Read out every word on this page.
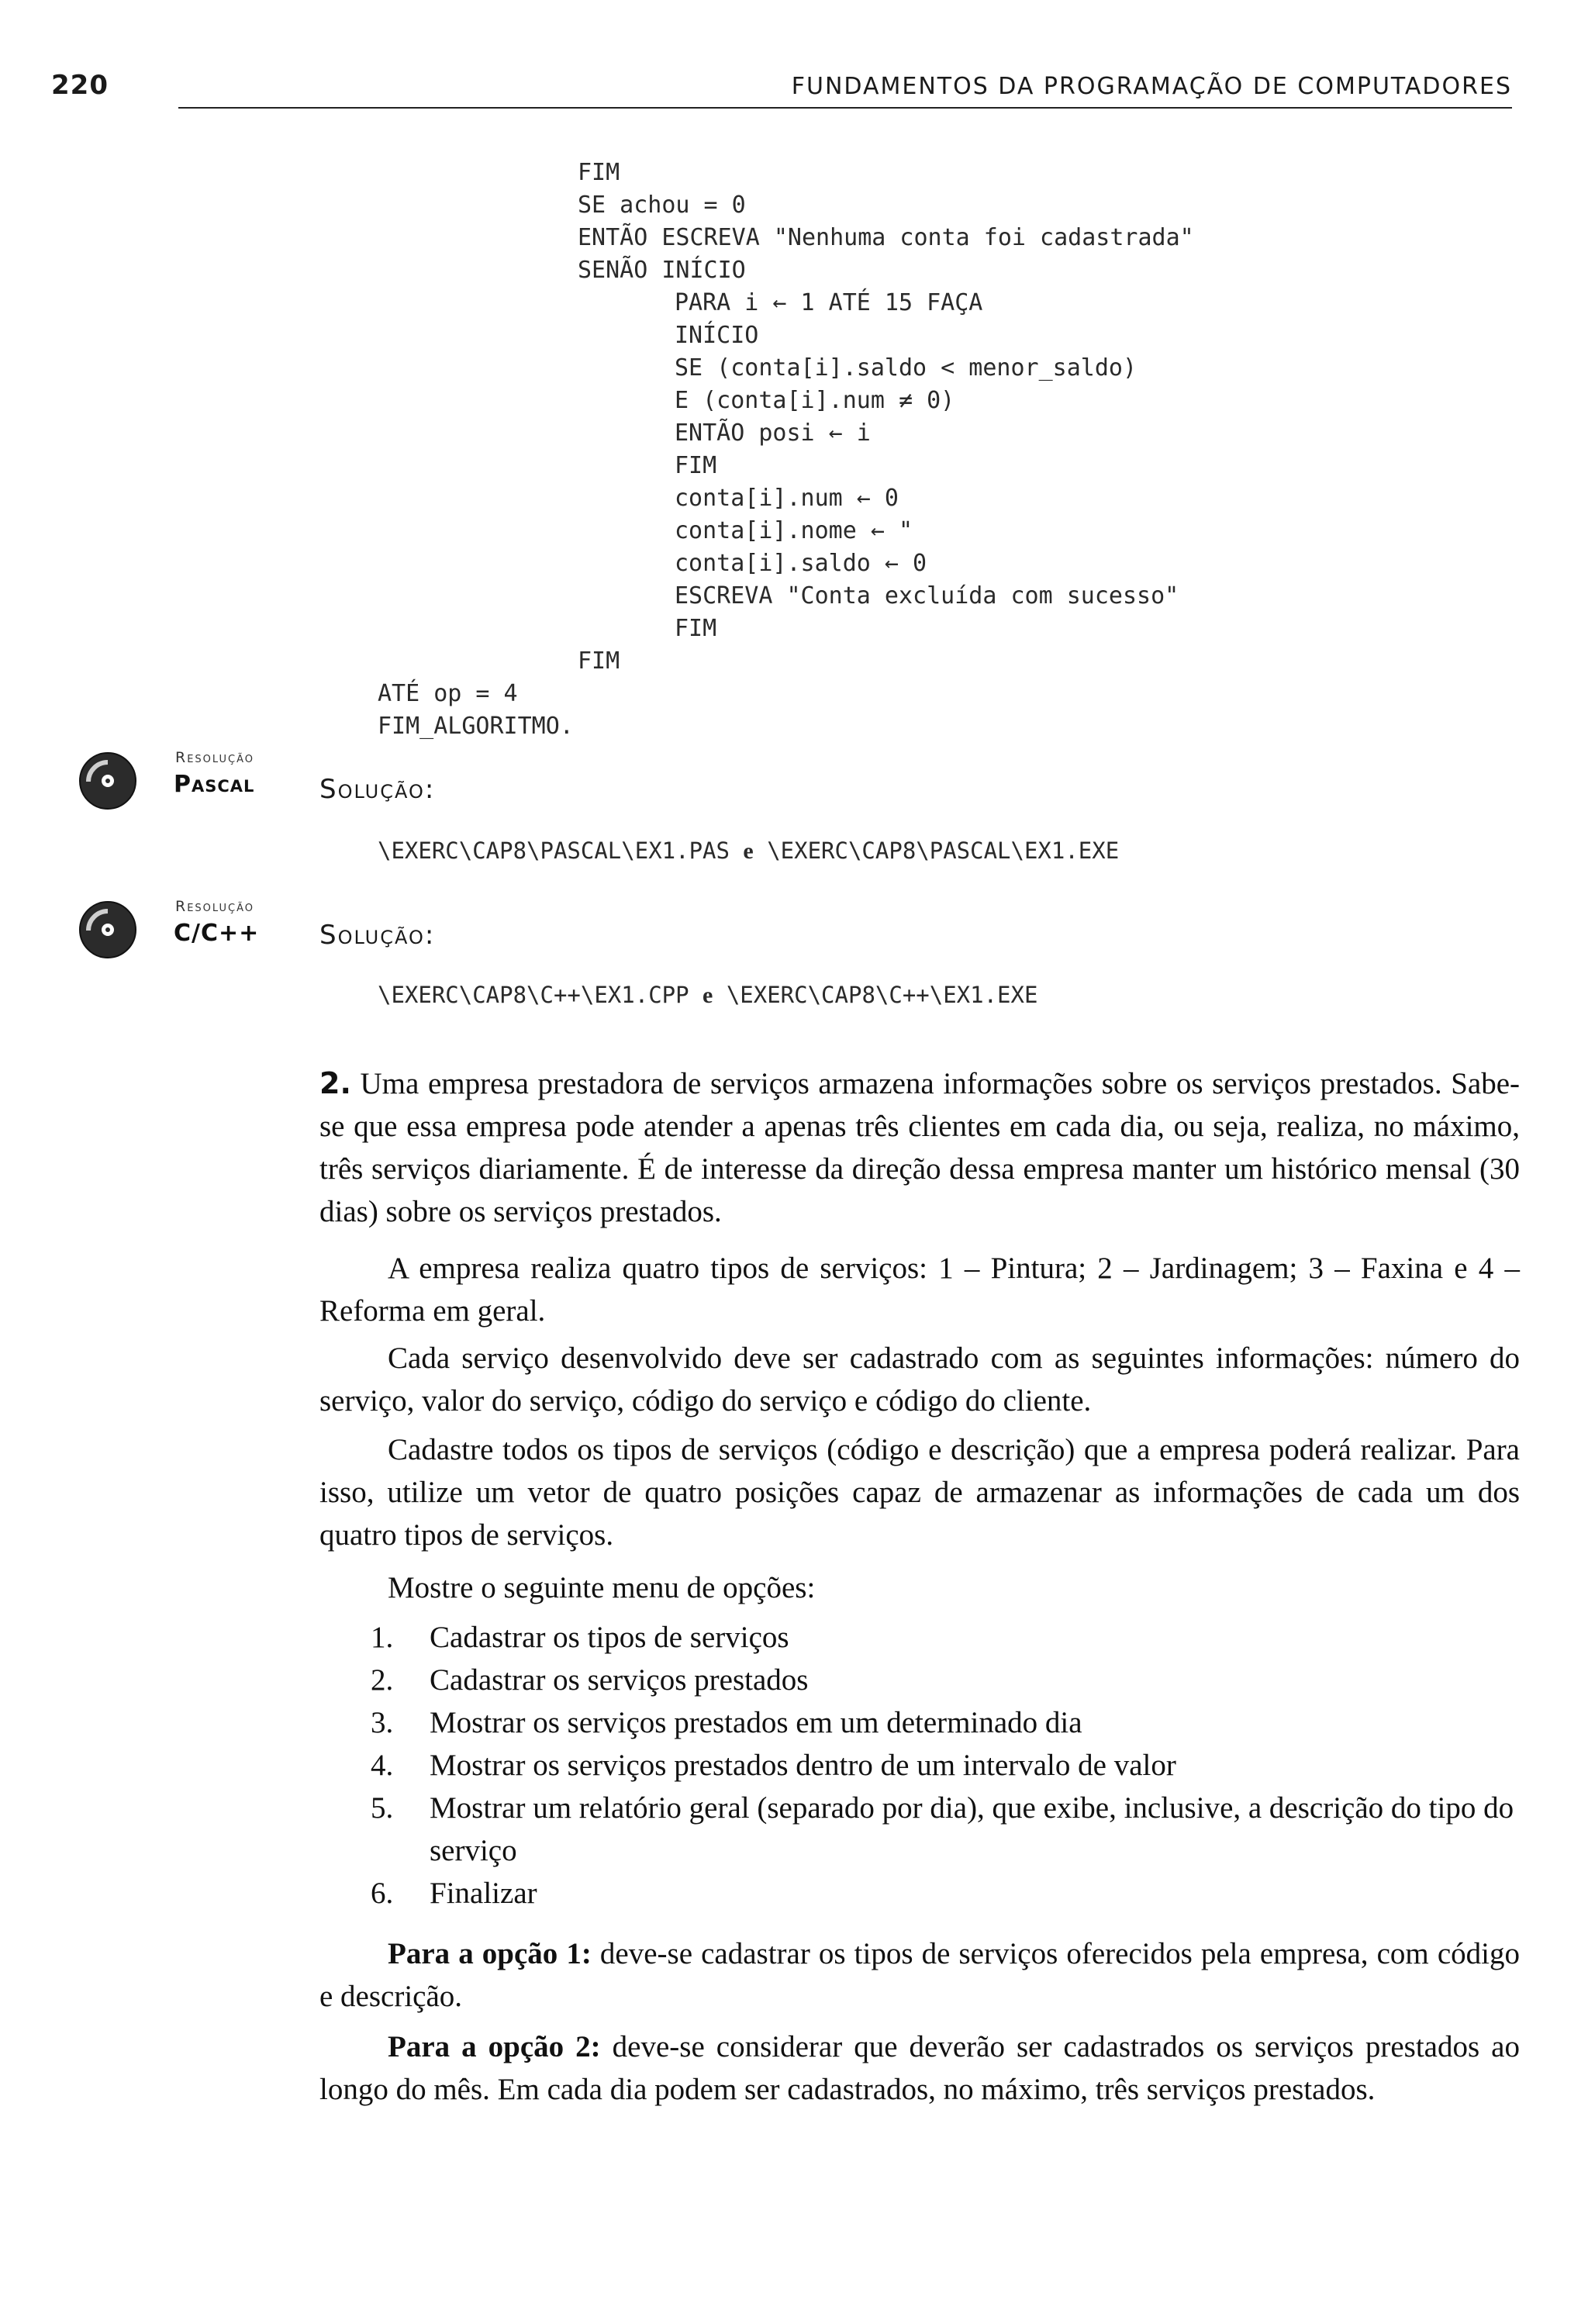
220	FUNDAMENTOS DA PROGRAMAÇÃO DE COMPUTADORES
FIM
SE achou = 0
ENTÃO ESCREVA "Nenhuma conta foi cadastrada"
SENÃO INÍCIO
PARA i ← 1 ATÉ 15 FAÇA
INÍCIO
SE (conta[i].saldo < menor_saldo)
E (conta[i].num ≠ 0)
ENTÃO posi ← i
FIM
conta[i].num ← 0
conta[i].nome ← "
conta[i].saldo ← 0
ESCREVA "Conta excluída com sucesso"
FIM
FIM
ATÉ op = 4
FIM_ALGORITMO.
Resolução
Pascal Solução:
\EXERC\CAP8\PASCAL\EX1.PAS e \EXERC\CAP8\PASCAL\EX1.EXE
Resolução
C/C++ Solução:
\EXERC\CAP8\C++\EX1.CPP e \EXERC\CAP8\C++\EX1.EXE
2. Uma empresa prestadora de serviços armazena informações sobre os serviços prestados. Sabe-se que essa empresa pode atender a apenas três clientes em cada dia, ou seja, realiza, no máximo, três serviços diariamente. É de interesse da direção dessa empresa manter um histórico mensal (30 dias) sobre os serviços prestados.
A empresa realiza quatro tipos de serviços: 1 – Pintura; 2 – Jardinagem; 3 – Faxina e 4 – Reforma em geral.
Cada serviço desenvolvido deve ser cadastrado com as seguintes informações: número do serviço, valor do serviço, código do serviço e código do cliente.
Cadastre todos os tipos de serviços (código e descrição) que a empresa poderá realizar. Para isso, utilize um vetor de quatro posições capaz de armazenar as informações de cada um dos quatro tipos de serviços.
Mostre o seguinte menu de opções:
1. Cadastrar os tipos de serviços
2. Cadastrar os serviços prestados
3. Mostrar os serviços prestados em um determinado dia
4. Mostrar os serviços prestados dentro de um intervalo de valor
5. Mostrar um relatório geral (separado por dia), que exibe, inclusive, a descrição do tipo do serviço
6. Finalizar
Para a opção 1: deve-se cadastrar os tipos de serviços oferecidos pela empresa, com código e descrição.
Para a opção 2: deve-se considerar que deverão ser cadastrados os serviços prestados ao longo do mês. Em cada dia podem ser cadastrados, no máximo, três serviços prestados.
